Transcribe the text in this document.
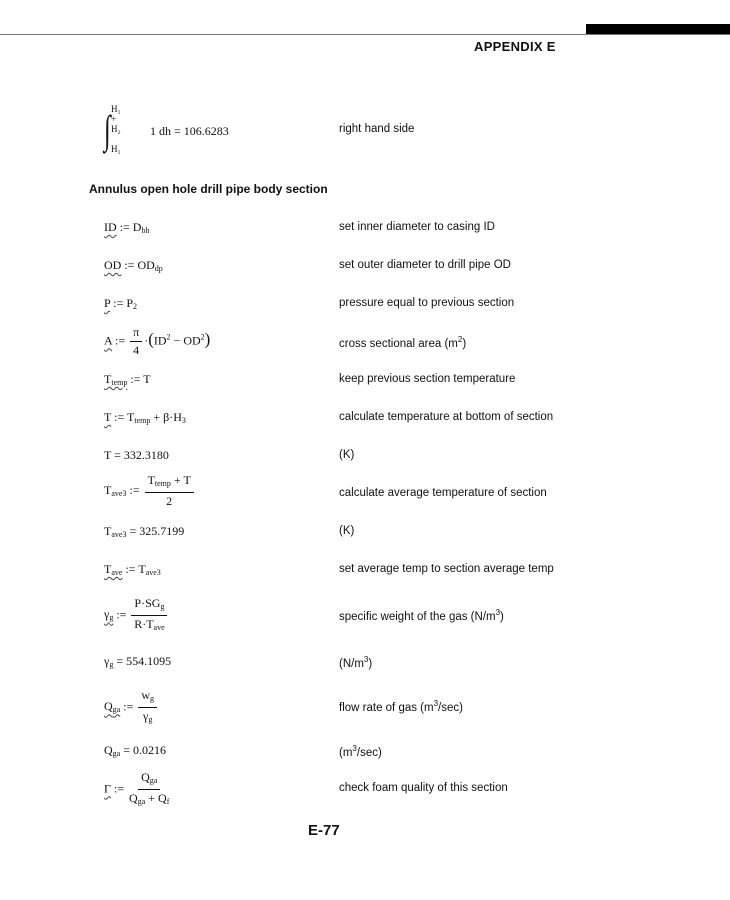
APPENDIX E
∫ H₁ + H₂
H₁
1 dh = 106.6283	right hand side
Annulus open hole drill pipe body section
ID := $D_{bh}$	set inner diameter to casing ID
OD := $OD_{dp}$	set outer diameter to drill pipe OD
P := $P_2$	pressure equal to previous section
A := $\frac{\pi}{4} \cdot(ID^2 - OD^2)$	cross sectional area $(m^2)$
$T_{temp}$ := T	keep previous section temperature
T := $T_{temp} + \beta\cdot H_3$	calculate temperature at bottom of section
T = 332.3180	(K)
$T_{ave3}$ := $\frac{T_{temp} + T}{2}$	calculate average temperature of section
$T_{ave3} = 325.7199$	(K)
$T_{ave}$ := $T_{ave3}$	set average temp to section average temp
$\gamma_g$ := $\frac{P\cdot SG_g}{R\cdot T_{ave}}$	specific weight of the gas $(N/m^3)$
$\gamma_g = 554.1095$	$(N/m^3)$
$Q_{ga}$ := $\frac{w_g}{\gamma_g}$	flow rate of gas $(m^3/\sec)$
$Q_{ga} = 0.0216$	$(m^3/\sec)$
Γ := $\frac{Q_{ga}}{Q_{ga} + Q_f}$	check foam quality of this section
E-77
